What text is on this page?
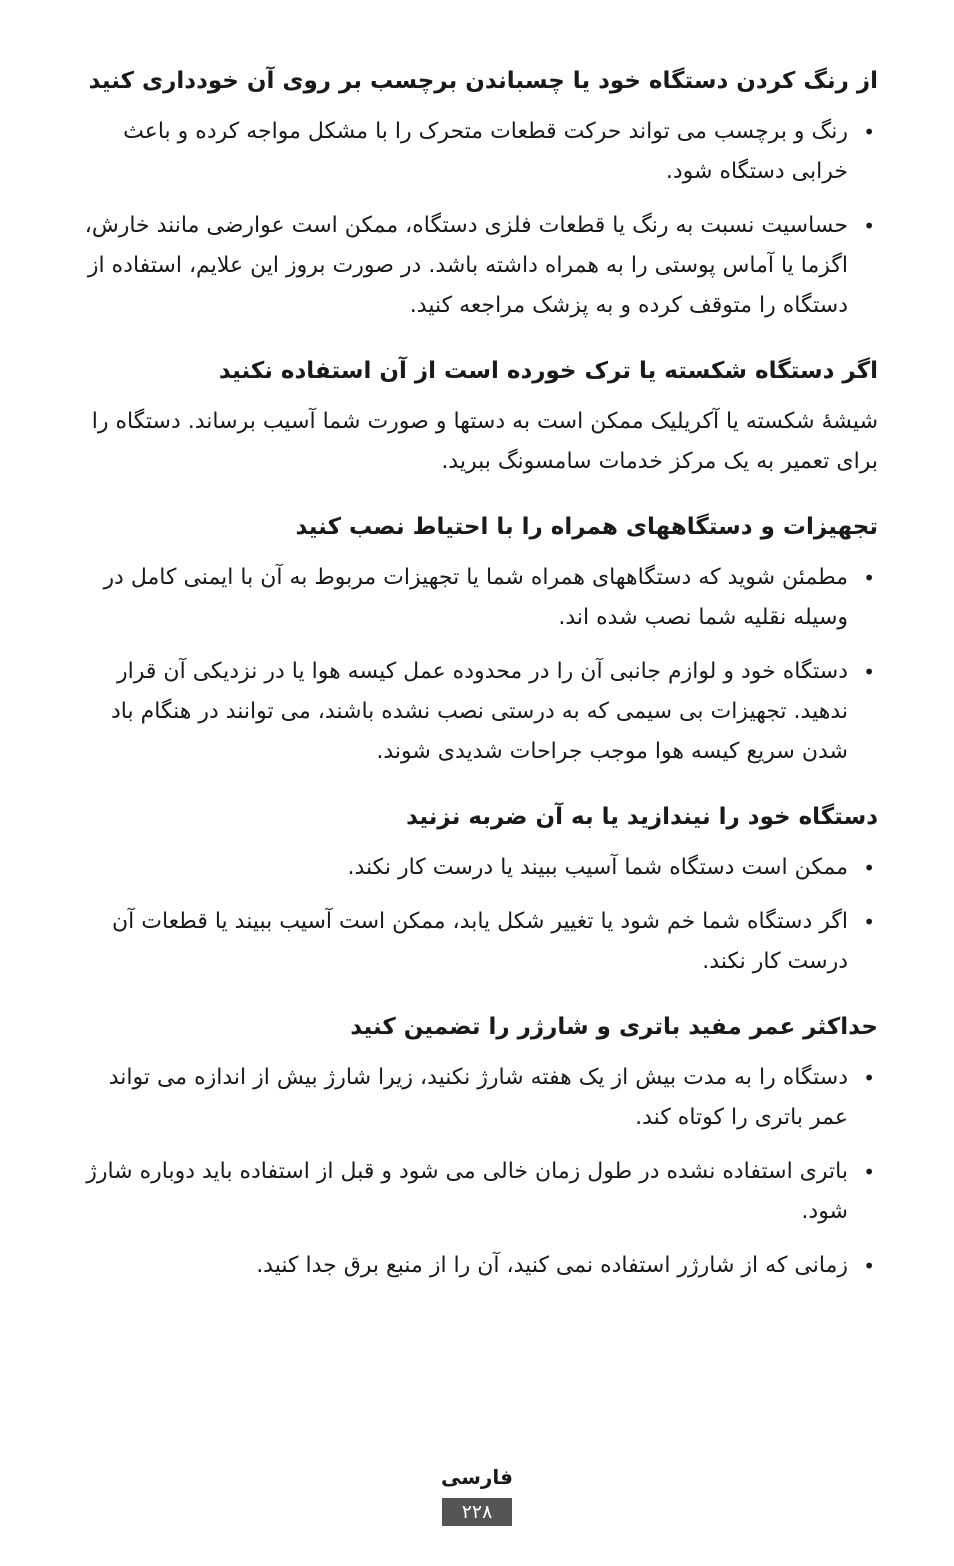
از رنگ کردن دستگاه خود یا چسباندن برچسب بر روی آن خودداری کنید
•
رنگ و برچسب می تواند حرکت قطعات متحرک را با مشکل مواجه کرده و باعث خرابی دستگاه شود.
•
حساسیت نسبت به رنگ یا قطعات فلزی دستگاه، ممکن است عوارضی مانند خارش، اگزما یا آماس پوستی را به همراه داشته باشد. در صورت بروز این علایم، استفاده از دستگاه را متوقف کرده و به پزشک مراجعه کنید.
اگر دستگاه شکسته یا ترک خورده است از آن استفاده نکنید

شیشهٔ شکسته یا آکریلیک ممکن است به دستها و صورت شما آسیب برساند. دستگاه را برای تعمیر به یک مرکز خدمات سامسونگ ببرید.

تجهیزات و دستگاههای همراه را با احتیاط نصب کنید
•
مطمئن شوید که دستگاههای همراه شما یا تجهیزات مربوط به آن با ایمنی کامل در وسیله نقلیه شما نصب شده اند.
•
دستگاه خود و لوازم جانبی آن را در محدوده عمل کیسه هوا یا در نزدیکی آن قرار ندهید. تجهیزات بی سیمی که به درستی نصب نشده باشند، می توانند در هنگام باد شدن سریع کیسه هوا موجب جراحات شدیدی شوند.
دستگاه خود را نیندازید یا به آن ضربه نزنید
•
ممکن است دستگاه شما آسیب ببیند یا درست کار نکند.
•
اگر دستگاه شما خم شود یا تغییر شکل یابد، ممکن است آسیب ببیند یا قطعات آن درست کار نکند.
حداکثر عمر مفید باتری و شارژر را تضمین کنید
•
دستگاه را به مدت بیش از یک هفته شارژ نکنید، زیرا شارژ بیش از اندازه می تواند عمر باتری را کوتاه کند.
•
باتری استفاده نشده در طول زمان خالی می شود و قبل از استفاده باید دوباره شارژ شود.
•
زمانی که از شارژر استفاده نمی کنید، آن را از منبع برق جدا کنید.

فارسی

۲۲۸
